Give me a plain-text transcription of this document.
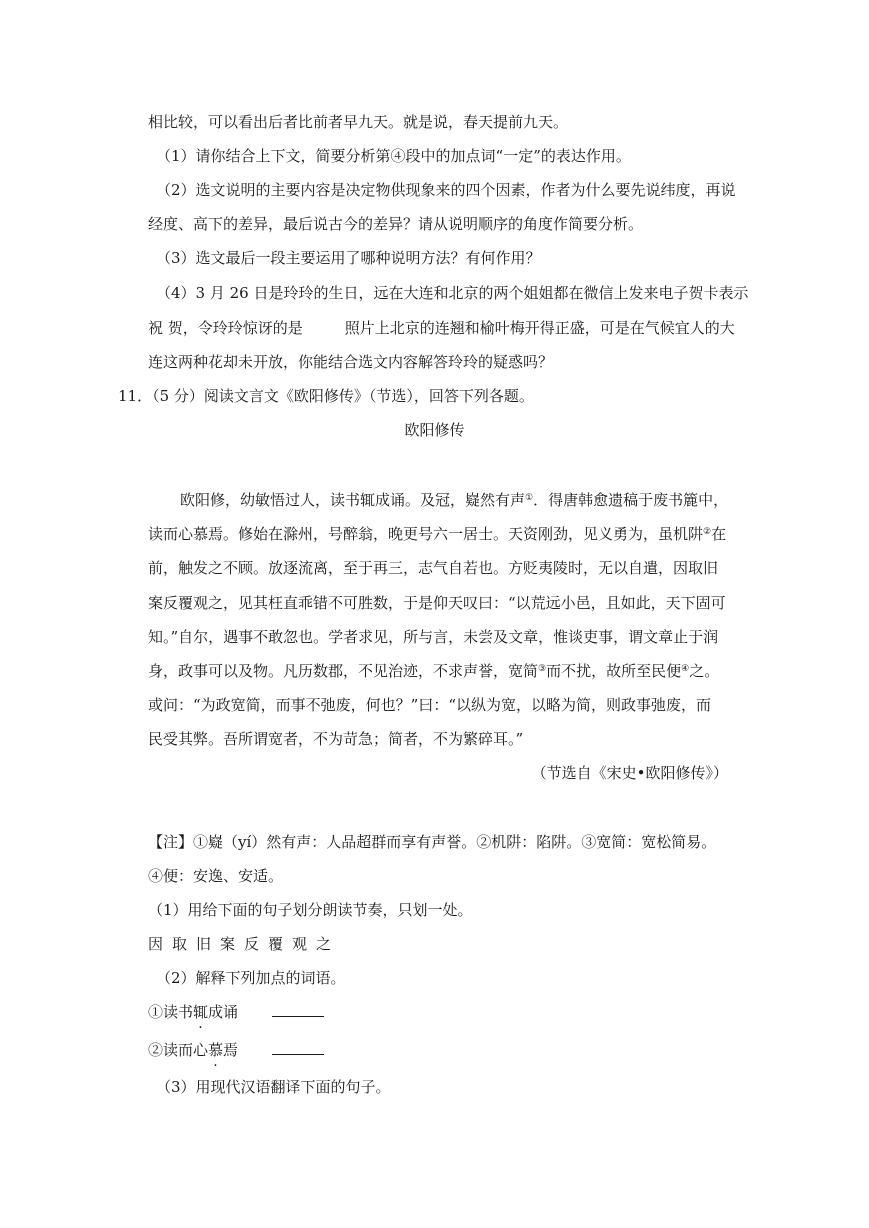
相比较，可以看出后者比前者早九天。就是说，春天提前九天。
（1）请你结合上下文，简要分析第④段中的加点词“一定”的表达作用。
（2）选文说明的主要内容是决定物供现象来的四个因素，作者为什么要先说纬度，再说
经度、高下的差异，最后说古今的差异？请从说明顺序的角度作简要分析。
（3）选文最后一段主要运用了哪种说明方法？有何作用？
（4）3 月 26 日是玲玲的生日，远在大连和北京的两个姐姐都在微信上发来电子贺卡表示
祝 贺，令玲玲惊讶的是	照片上北京的连翘和榆叶梅开得正盛，可是在气候宜人的大
连这两种花却未开放，你能结合选文内容解答玲玲的疑惑吗？
11．（5 分）阅读文言文《欧阳修传》（节选），回答下列各题。
欧阳修传
欧阳修，幼敏悟过人，读书辄成诵。及冠，嶷然有声①．得唐韩愈遗稿于废书簏中，
读而心慕焉。修始在滁州，号醉翁，晚更号六一居士。天资刚劲，见义勇为，虽机阱②在
前，触发之不顾。放逐流离，至于再三，志气自若也。方贬夷陵时，无以自遣，因取旧
案反覆观之，见其枉直乖错不可胜数，于是仰天叹曰：“以荒远小邑，且如此，天下固可
知。”自尔，遇事不敢忽也。学者求见，所与言，未尝及文章，惟谈吏事，谓文章止于润
身，政事可以及物。凡历数郡，不见治迹，不求声誉，宽简③而不扰，故所至民便④之。
或问：“为政宽简，而事不弛废，何也？”曰：“以纵为宽，以略为简，则政事弛废，而
民受其弊。吾所谓宽者，不为苛急；简者，不为繁碎耳。”
（节选自《宋史•欧阳修传》）
【注】①嶷（yí）然有声：人品超群而享有声誉。②机阱：陷阱。③宽简：宽松简易。
④便：安逸、安适。
（1）用给下面的句子划分朗读节奏，只划一处。
因取旧案反覆观之
（2）解释下列加点的词语。
①读书辄成诵
②读而心慕焉
（3）用现代汉语翻译下面的句子。
